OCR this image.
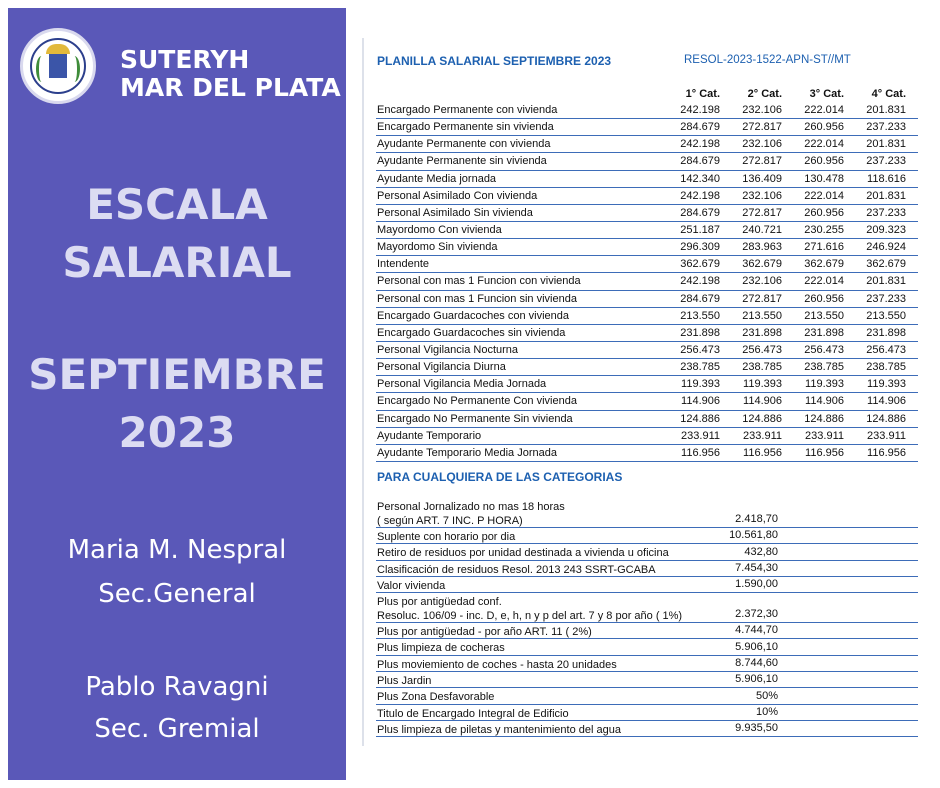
SUTERYH
MAR DEL PLATA
ESCALA
SALARIAL
SEPTIEMBRE
2023
Maria M. Nespral
Sec.General
Pablo Ravagni
Sec. Gremial
PLANILLA SALARIAL SEPTIEMBRE 2023	RESOL-2023-1522-APN-ST//MT
1° Cat.	2° Cat.	3° Cat.	4° Cat.
Encargado Permanente con vivienda	242.198	232.106	222.014	201.831
Encargado Permanente sin vivienda	284.679	272.817	260.956	237.233
Ayudante Permanente con vivienda	242.198	232.106	222.014	201.831
Ayudante Permanente sin vivienda	284.679	272.817	260.956	237.233
Ayudante Media jornada	142.340	136.409	130.478	118.616
Personal Asimilado Con vivienda	242.198	232.106	222.014	201.831
Personal Asimilado Sin vivienda	284.679	272.817	260.956	237.233
Mayordomo Con vivienda	251.187	240.721	230.255	209.323
Mayordomo Sin vivienda	296.309	283.963	271.616	246.924
Intendente	362.679	362.679	362.679	362.679
Personal con mas 1 Funcion con vivienda	242.198	232.106	222.014	201.831
Personal con mas 1 Funcion sin vivienda	284.679	272.817	260.956	237.233
Encargado Guardacoches con vivienda	213.550	213.550	213.550	213.550
Encargado Guardacoches sin vivienda	231.898	231.898	231.898	231.898
Personal Vigilancia Nocturna	256.473	256.473	256.473	256.473
Personal Vigilancia Diurna	238.785	238.785	238.785	238.785
Personal Vigilancia Media Jornada	119.393	119.393	119.393	119.393
Encargado No Permanente Con vivienda	114.906	114.906	114.906	114.906
Encargado No Permanente Sin vivienda	124.886	124.886	124.886	124.886
Ayudante Temporario	233.911	233.911	233.911	233.911
Ayudante Temporario Media Jornada	116.956	116.956	116.956	116.956
PARA CUALQUIERA DE LAS CATEGORIAS
Personal Jornalizado no mas 18 horas
( según ART. 7 INC. P HORA)	2.418,70
Suplente con horario por dia	10.561,80
Retiro de residuos por unidad destinada a vivienda u oficina	432,80
Clasificación de residuos Resol. 2013 243 SSRT-GCABA	7.454,30
Valor vivienda	1.590,00
Plus por antigüedad conf.
Resoluc. 106/09 - inc. D, e, h, n y p del art. 7 y 8 por año ( 1%)	2.372,30
Plus por antigüedad - por año ART. 11 ( 2%)	4.744,70
Plus limpieza de cocheras	5.906,10
Plus moviemiento de coches - hasta 20 unidades	8.744,60
Plus Jardin	5.906,10
Plus Zona Desfavorable	50%
Titulo de Encargado Integral de Edificio	10%
Plus limpieza de piletas y mantenimiento del agua	9.935,50
